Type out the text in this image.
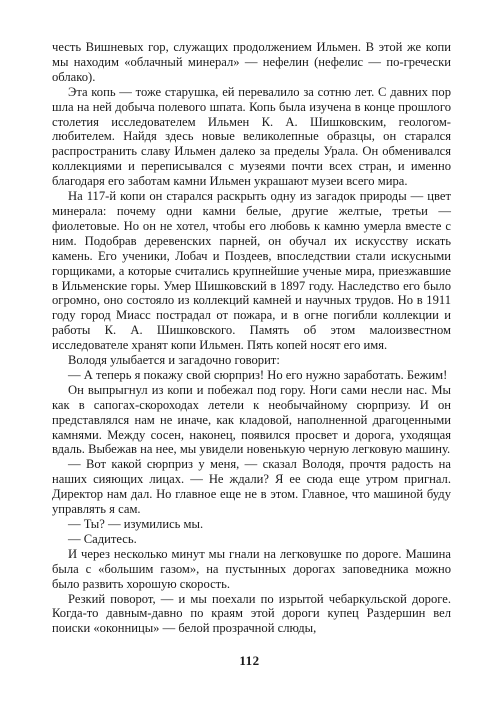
честь Вишневых гор, служащих продолжением Ильмен. В этой же копи мы находим «облачный минерал» — нефелин (нефелис — по-гречески облако).

Эта копь — тоже старушка, ей перевалило за сотню лет. С давних пор шла на ней добыча полевого шпата. Копь была изучена в конце прошлого столетия исследователем Ильмен К. А. Шишковским, геологом-любителем. Найдя здесь новые великолепные образцы, он старался распространить славу Ильмен далеко за пределы Урала. Он обменивался коллекциями и переписывался с музеями почти всех стран, и именно благодаря его заботам камни Ильмен украшают музеи всего мира.

На 117-й копи он старался раскрыть одну из загадок природы — цвет минерала: почему одни камни белые, другие желтые, третьи — фиолетовые. Но он не хотел, чтобы его любовь к камню умерла вместе с ним. Подобрав деревенских парней, он обучал их искусству искать камень. Его ученики, Лобач и Поздеев, впоследствии стали искусными горщиками, а которые считались крупнейшие ученые мира, приезжавшие в Ильменские горы. Умер Шишковский в 1897 году. Наследство его было огромно, оно состояло из коллекций камней и научных трудов. Но в 1911 году город Миасс пострадал от пожара, и в огне погибли коллекции и работы К. А. Шишковского. Память об этом малоизвестном исследователе хранят копи Ильмен. Пять копей носят его имя.

Володя улыбается и загадочно говорит:

— А теперь я покажу свой сюрприз! Но его нужно заработать. Бежим!

Он выпрыгнул из копи и побежал под гору. Ноги сами несли нас. Мы как в сапогах-скороходах летели к необычайному сюрпризу. И он представлялся нам не иначе, как кладовой, наполненной драгоценными камнями. Между сосен, наконец, появился просвет и дорога, уходящая вдаль. Выбежав на нее, мы увидели новенькую черную легковую машину.

— Вот какой сюрприз у меня, — сказал Володя, прочтя радость на наших сияющих лицах. — Не ждали? Я ее сюда еще утром пригнал. Директор нам дал. Но главное еще не в этом. Главное, что машиной буду управлять я сам.

— Ты? — изумились мы.

— Садитесь.

И через несколько минут мы гнали на легковушке по дороге. Машина была с «большим газом», на пустынных дорогах заповедника можно было развить хорошую скорость.

Резкий поворот, — и мы поехали по изрытой чебаркульской дороге. Когда-то давным-давно по краям этой дороги купец Раздершин вел поиски «оконницы» — белой прозрачной слюды,

112
